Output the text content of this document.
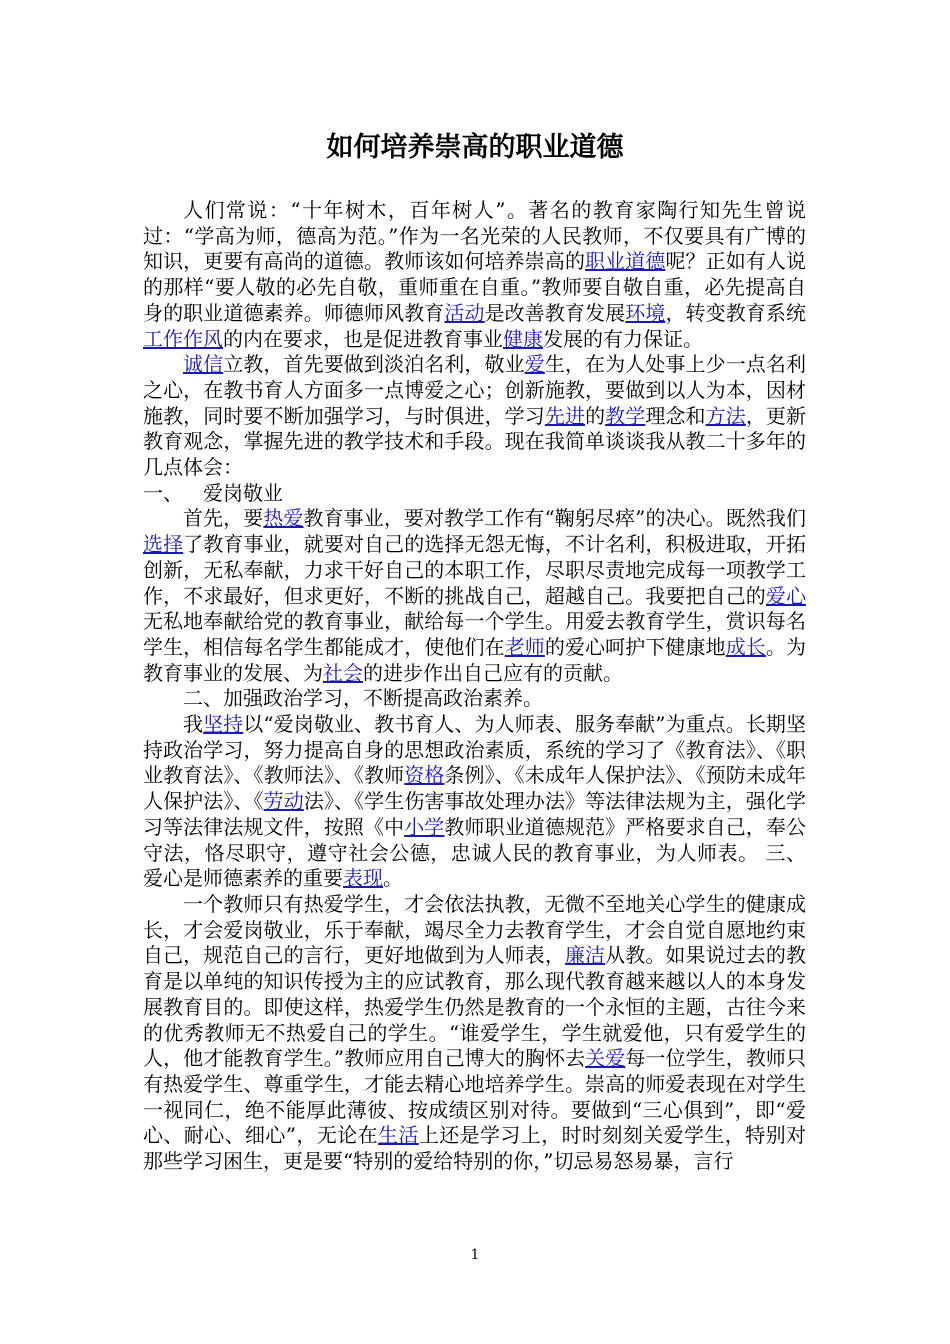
如何培养崇高的职业道德

人们常说：“十年树木，百年树人”。著名的教育家陶行知先生曾说过：“学高为师，德高为范。”作为一名光荣的人民教师，不仅要具有广博的知识，更要有高尚的道德。教师该如何培养崇高的职业道德呢？正如有人说的那样“要人敬的必先自敬，重师重在自重。”教师要自敬自重，必先提高自身的职业道德素养。师德师风教育活动是改善教育发展环境，转变教育系统工作作风的内在要求，也是促进教育事业健康发展的有力保证。

诚信立教，首先要做到淡泊名利，敬业爱生，在为人处事上少一点名利之心，在教书育人方面多一点博爱之心；创新施教，要做到以人为本，因材施教，同时要不断加强学习，与时俱进，学习先进的教学理念和方法，更新教育观念，掌握先进的教学技术和手段。现在我简单谈谈我从教二十多年的几点体会：

一、 爱岗敬业

首先，要热爱教育事业，要对教学工作有“鞠躬尽瘁”的决心。既然我们选择了教育事业，就要对自己的选择无怨无悔，不计名利，积极进取，开拓创新，无私奉献，力求干好自己的本职工作，尽职尽责地完成每一项教学工作，不求最好，但求更好，不断的挑战自己，超越自己。我要把自己的爱心无私地奉献给党的教育事业，献给每一个学生。用爱去教育学生，赏识每名学生，相信每名学生都能成才，使他们在老师的爱心呵护下健康地成长。为教育事业的发展、为社会的进步作出自己应有的贡献。

二、加强政治学习，不断提高政治素养。

我坚持以“爱岗敬业、教书育人、为人师表、服务奉献”为重点。长期坚持政治学习，努力提高自身的思想政治素质，系统的学习了《教育法》、《职业教育法》、《教师法》、《教师资格条例》、《未成年人保护法》、《预防未成年人保护法》、《劳动法》、《学生伤害事故处理办法》等法律法规为主，强化学习等法律法规文件，按照《中小学教师职业道德规范》严格要求自己，奉公守法，恪尽职守，遵守社会公德，忠诚人民的教育事业，为人师表。 三、爱心是师德素养的重要表现。

一个教师只有热爱学生，才会依法执教，无微不至地关心学生的健康成长，才会爱岗敬业，乐于奉献，竭尽全力去教育学生，才会自觉自愿地约束自己，规范自己的言行，更好地做到为人师表，廉洁从教。如果说过去的教育是以单纯的知识传授为主的应试教育，那么现代教育越来越以人的本身发展教育目的。即使这样，热爱学生仍然是教育的一个永恒的主题，古往今来的优秀教师无不热爱自己的学生。“谁爱学生，学生就爱他，只有爱学生的人，他才能教育学生。”教师应用自己博大的胸怀去关爱每一位学生，教师只有热爱学生、尊重学生，才能去精心地培养学生。崇高的师爱表现在对学生一视同仁，绝不能厚此薄彼、按成绩区别对待。要做到“三心俱到”，即“爱心、耐心、细心”，无论在生活上还是学习上，时时刻刻关爱学生，特别对那些学习困生，更是要“特别的爱给特别的你，”切忌易怒易暴，言行

1
